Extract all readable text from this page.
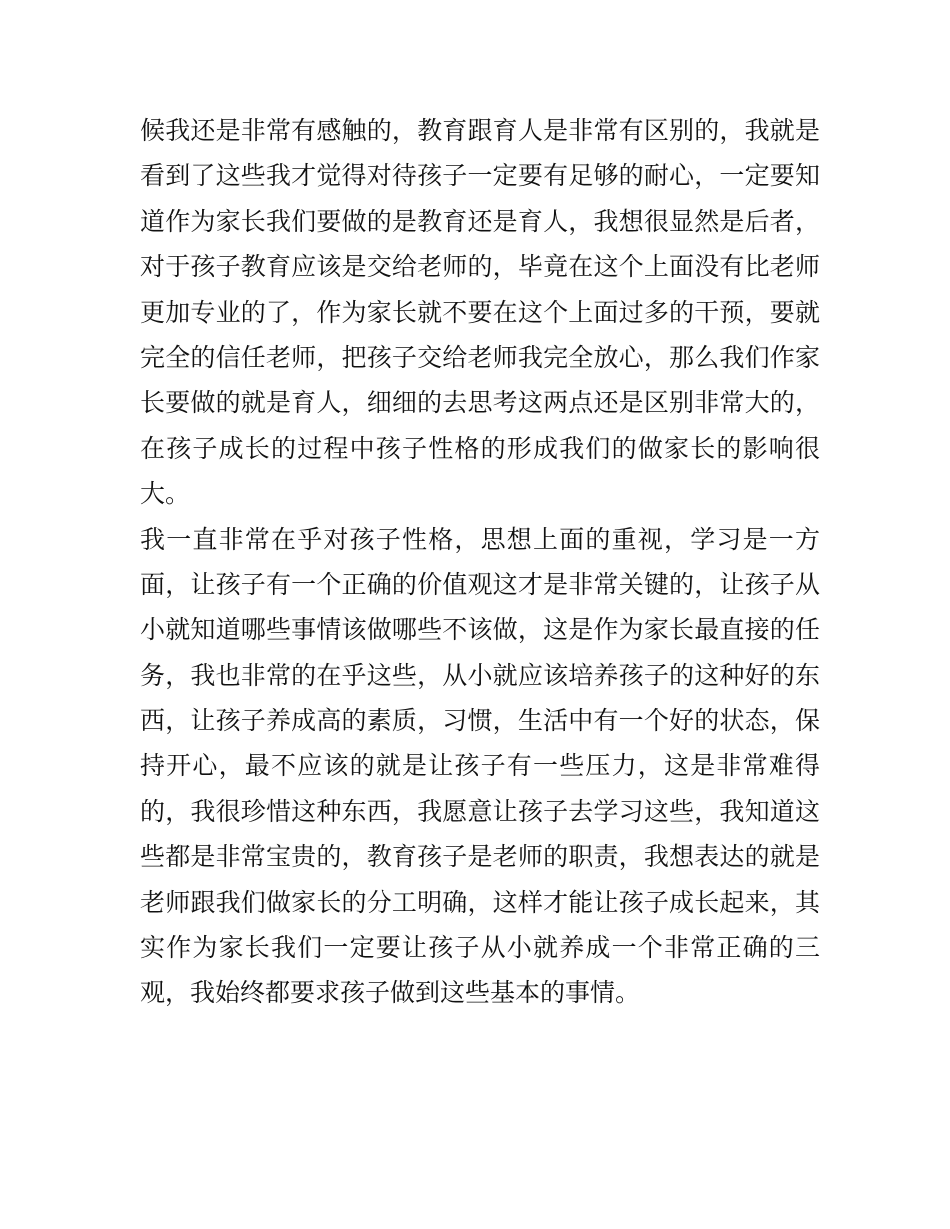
候我还是非常有感触的，教育跟育人是非常有区别的，我就是
看到了这些我才觉得对待孩子一定要有足够的耐心，一定要知
道作为家长我们要做的是教育还是育人，我想很显然是后者，
对于孩子教育应该是交给老师的，毕竟在这个上面没有比老师
更加专业的了，作为家长就不要在这个上面过多的干预，要就
完全的信任老师，把孩子交给老师我完全放心，那么我们作家
长要做的就是育人，细细的去思考这两点还是区别非常大的，
在孩子成长的过程中孩子性格的形成我们的做家长的影响很
大。
我一直非常在乎对孩子性格，思想上面的重视，学习是一方
面，让孩子有一个正确的价值观这才是非常关键的，让孩子从
小就知道哪些事情该做哪些不该做，这是作为家长最直接的任
务，我也非常的在乎这些，从小就应该培养孩子的这种好的东
西，让孩子养成高的素质，习惯，生活中有一个好的状态，保
持开心，最不应该的就是让孩子有一些压力，这是非常难得
的，我很珍惜这种东西，我愿意让孩子去学习这些，我知道这
些都是非常宝贵的，教育孩子是老师的职责，我想表达的就是
老师跟我们做家长的分工明确，这样才能让孩子成长起来，其
实作为家长我们一定要让孩子从小就养成一个非常正确的三
观，我始终都要求孩子做到这些基本的事情。
